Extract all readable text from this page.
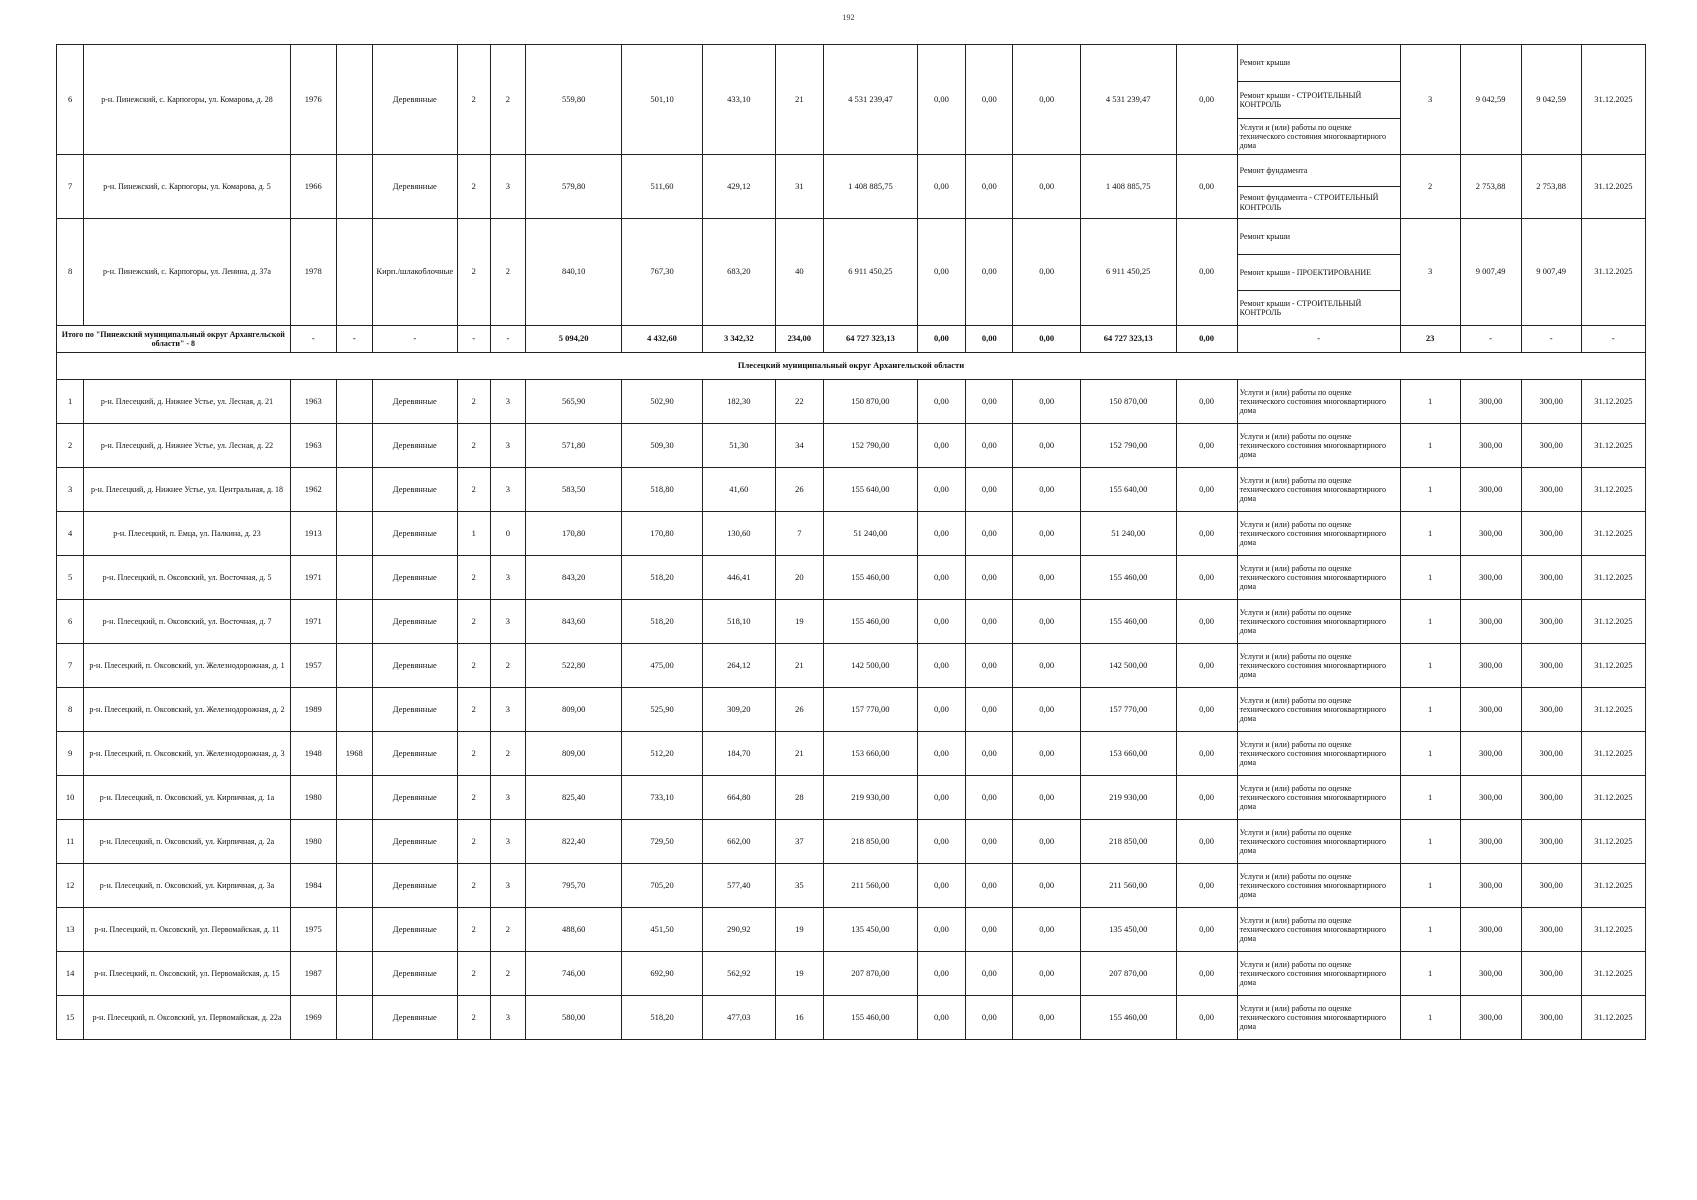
192
6	р-н. Пинежский, с. Карпогоры, ул. Комарова, д. 28	1976		Деревянные	2	2	559,80	501,10	433,10	21	4 531 239,47	0,00	0,00	0,00	4 531 239,47	0,00	Ремонт крыши	3	9 042,59	9 042,59	31.12.2025
																	Ремонт крыши - СТРОИТЕЛЬНЫЙ КОНТРОЛЬ				
																	Услуги и (или) работы по оценке технического состояния многоквартирного дома				
7	р-н. Пинежский, с. Карпогоры, ул. Комарова, д. 5	1966		Деревянные	2	3	579,80	511,60	429,12	31	1 408 885,75	0,00	0,00	0,00	1 408 885,75	0,00	Ремонт фундамента	2	2 753,88	2 753,88	31.12.2025
																	Ремонт фундамента - СТРОИТЕЛЬНЫЙ КОНТРОЛЬ				
8	р-н. Пинежский, с. Карпогоры, ул. Ленина, д. 37а	1978		Кирп./шлакоблочные	2	2	840,10	767,30	683,20	40	6 911 450,25	0,00	0,00	0,00	6 911 450,25	0,00	Ремонт крыши	3	9 007,49	9 007,49	31.12.2025
																	Ремонт крыши - ПРОЕКТИРОВАНИЕ				
																	Ремонт крыши - СТРОИТЕЛЬНЫЙ КОНТРОЛЬ				
Итого по "Пинежский муниципальный округ Архангельской области" - 8		-	-	-	-	-	5 094,20	4 432,60	3 342,32	234,00	64 727 323,13	0,00	0,00	0,00	64 727 323,13	0,00	-	23	-	-	-
Плесецкий муниципальный округ Архангельской области																					
1	р-н. Плесецкий, д. Нижнее Устье, ул. Лесная, д. 21	1963		Деревянные	2	3	565,90	502,90	182,30	22	150 870,00	0,00	0,00	0,00	150 870,00	0,00	Услуги и (или) работы по оценке технического состояния многоквартирного дома	1	300,00	300,00	31.12.2025
2	р-н. Плесецкий, д. Нижнее Устье, ул. Лесная, д. 22	1963		Деревянные	2	3	571,80	509,30	51,30	34	152 790,00	0,00	0,00	0,00	152 790,00	0,00	Услуги и (или) работы по оценке технического состояния многоквартирного дома	1	300,00	300,00	31.12.2025
3	р-н. Плесецкий, д. Нижнее Устье, ул. Центральная, д. 18	1962		Деревянные	2	3	583,50	518,80	41,60	26	155 640,00	0,00	0,00	0,00	155 640,00	0,00	Услуги и (или) работы по оценке технического состояния многоквартирного дома	1	300,00	300,00	31.12.2025
4	р-н. Плесецкий, п. Емца, ул. Палкина, д. 23	1913		Деревянные	1	0	170,80	170,80	130,60	7	51 240,00	0,00	0,00	0,00	51 240,00	0,00	Услуги и (или) работы по оценке технического состояния многоквартирного дома	1	300,00	300,00	31.12.2025
5	р-н. Плесецкий, п. Оксовский, ул. Восточная, д. 5	1971		Деревянные	2	3	843,20	518,20	446,41	20	155 460,00	0,00	0,00	0,00	155 460,00	0,00	Услуги и (или) работы по оценке технического состояния многоквартирного дома	1	300,00	300,00	31.12.2025
6	р-н. Плесецкий, п. Оксовский, ул. Восточная, д. 7	1971		Деревянные	2	3	843,60	518,20	518,10	19	155 460,00	0,00	0,00	0,00	155 460,00	0,00	Услуги и (или) работы по оценке технического состояния многоквартирного дома	1	300,00	300,00	31.12.2025
7	р-н. Плесецкий, п. Оксовский, ул. Железнодорожная, д. 1	1957		Деревянные	2	2	522,80	475,00	264,12	21	142 500,00	0,00	0,00	0,00	142 500,00	0,00	Услуги и (или) работы по оценке технического состояния многоквартирного дома	1	300,00	300,00	31.12.2025
8	р-н. Плесецкий, п. Оксовский, ул. Железнодорожная, д. 2	1989		Деревянные	2	3	809,00	525,90	309,20	26	157 770,00	0,00	0,00	0,00	157 770,00	0,00	Услуги и (или) работы по оценке технического состояния многоквартирного дома	1	300,00	300,00	31.12.2025
9	р-н. Плесецкий, п. Оксовский, ул. Железнодорожная, д. 3	1948	1968	Деревянные	2	2	809,00	512,20	184,70	21	153 660,00	0,00	0,00	0,00	153 660,00	0,00	Услуги и (или) работы по оценке технического состояния многоквартирного дома	1	300,00	300,00	31.12.2025
10	р-н. Плесецкий, п. Оксовский, ул. Кирпичная, д. 1а	1980		Деревянные	2	3	825,40	733,10	664,80	28	219 930,00	0,00	0,00	0,00	219 930,00	0,00	Услуги и (или) работы по оценке технического состояния многоквартирного дома	1	300,00	300,00	31.12.2025
11	р-н. Плесецкий, п. Оксовский, ул. Кирпичная, д. 2а	1980		Деревянные	2	3	822,40	729,50	662,00	37	218 850,00	0,00	0,00	0,00	218 850,00	0,00	Услуги и (или) работы по оценке технического состояния многоквартирного дома	1	300,00	300,00	31.12.2025
12	р-н. Плесецкий, п. Оксовский, ул. Кирпичная, д. 3а	1984		Деревянные	2	3	795,70	705,20	577,40	35	211 560,00	0,00	0,00	0,00	211 560,00	0,00	Услуги и (или) работы по оценке технического состояния многоквартирного дома	1	300,00	300,00	31.12.2025
13	р-н. Плесецкий, п. Оксовский, ул. Первомайская, д. 11	1975		Деревянные	2	2	488,60	451,50	290,92	19	135 450,00	0,00	0,00	0,00	135 450,00	0,00	Услуги и (или) работы по оценке технического состояния многоквартирного дома	1	300,00	300,00	31.12.2025
14	р-н. Плесецкий, п. Оксовский, ул. Первомайская, д. 15	1987		Деревянные	2	2	746,00	692,90	562,92	19	207 870,00	0,00	0,00	0,00	207 870,00	0,00	Услуги и (или) работы по оценке технического состояния многоквартирного дома	1	300,00	300,00	31.12.2025
15	р-н. Плесецкий, п. Оксовский, ул. Первомайская, д. 22а	1969		Деревянные	2	3	580,00	518,20	477,03	16	155 460,00	0,00	0,00	0,00	155 460,00	0,00	Услуги и (или) работы по оценке технического состояния многоквартирного дома	1	300,00	300,00	31.12.2025
